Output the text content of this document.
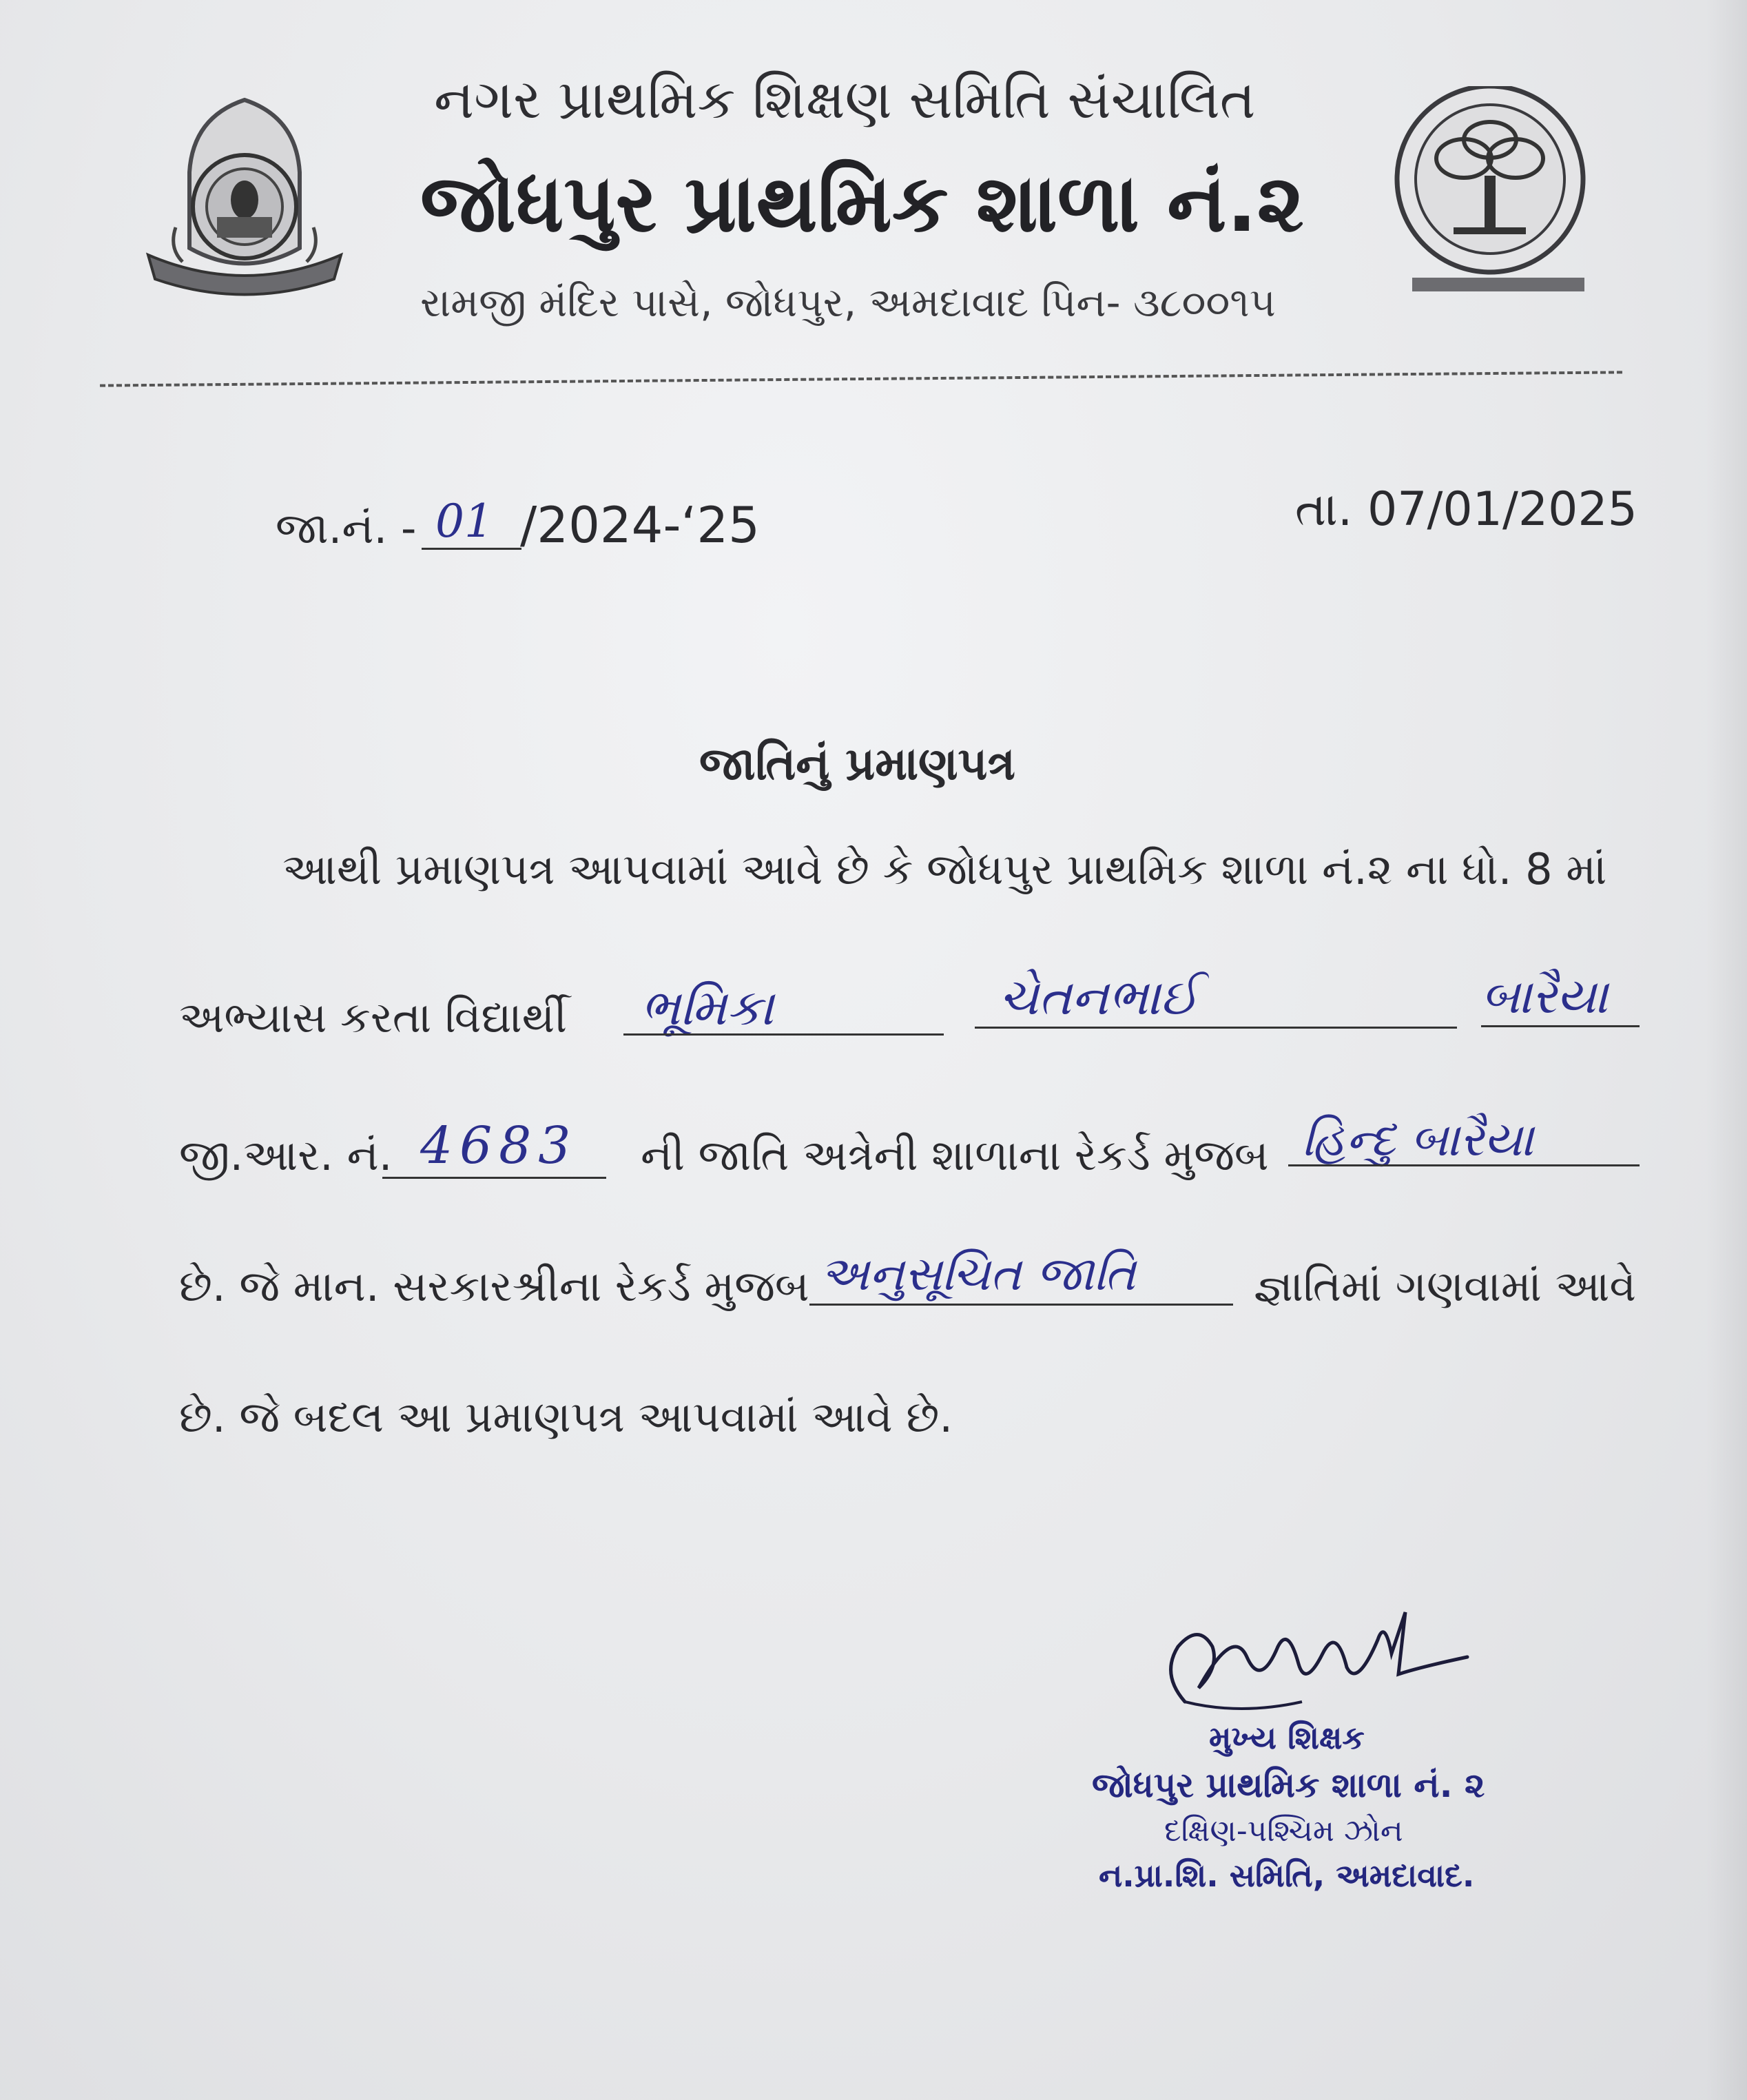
નગર પ્રાથમિક શિક્ષણ સમિતિ સંચાલિત
જોધપુર પ્રાથમિક શાળા નં.૨
રામજી મંદિર પાસે, જોધપુર, અમદાવાદ પિન- ૩૮૦૦૧૫
જા.નં. - 01 /2024-‘25	તા. 07/01/2025
જાતિનું પ્રમાણપત્ર
આથી પ્રમાણપત્ર આપવામાં આવે છે કે જોધપુર પ્રાથમિક શાળા નં.૨ ના ધો. 8 માં
અભ્યાસ કરતા વિદ્યાર્થી ભૂમિકા	ચેતનભાઈ	બારૈયા
જી.આર. નં. 4683 ની જાતિ અત્રેની શાળાના રેકર્ડ મુજબ હિન્દુ બારૈયા
છે. જે માન. સરકારશ્રીના રેકર્ડ મુજબ અનુસૂચિત જાતિ	જ્ઞાતિમાં ગણવામાં આવે
છે. જે બદલ આ પ્રમાણપત્ર આપવામાં આવે છે.
મુખ્ય શિક્ષક
જોધપુર પ્રાથમિક શાળા નં. ૨
દક્ષિણ-પશ્ચિમ ઝોન
ન.પ્રા.શિ. સમિતિ, અમદાવાદ.
